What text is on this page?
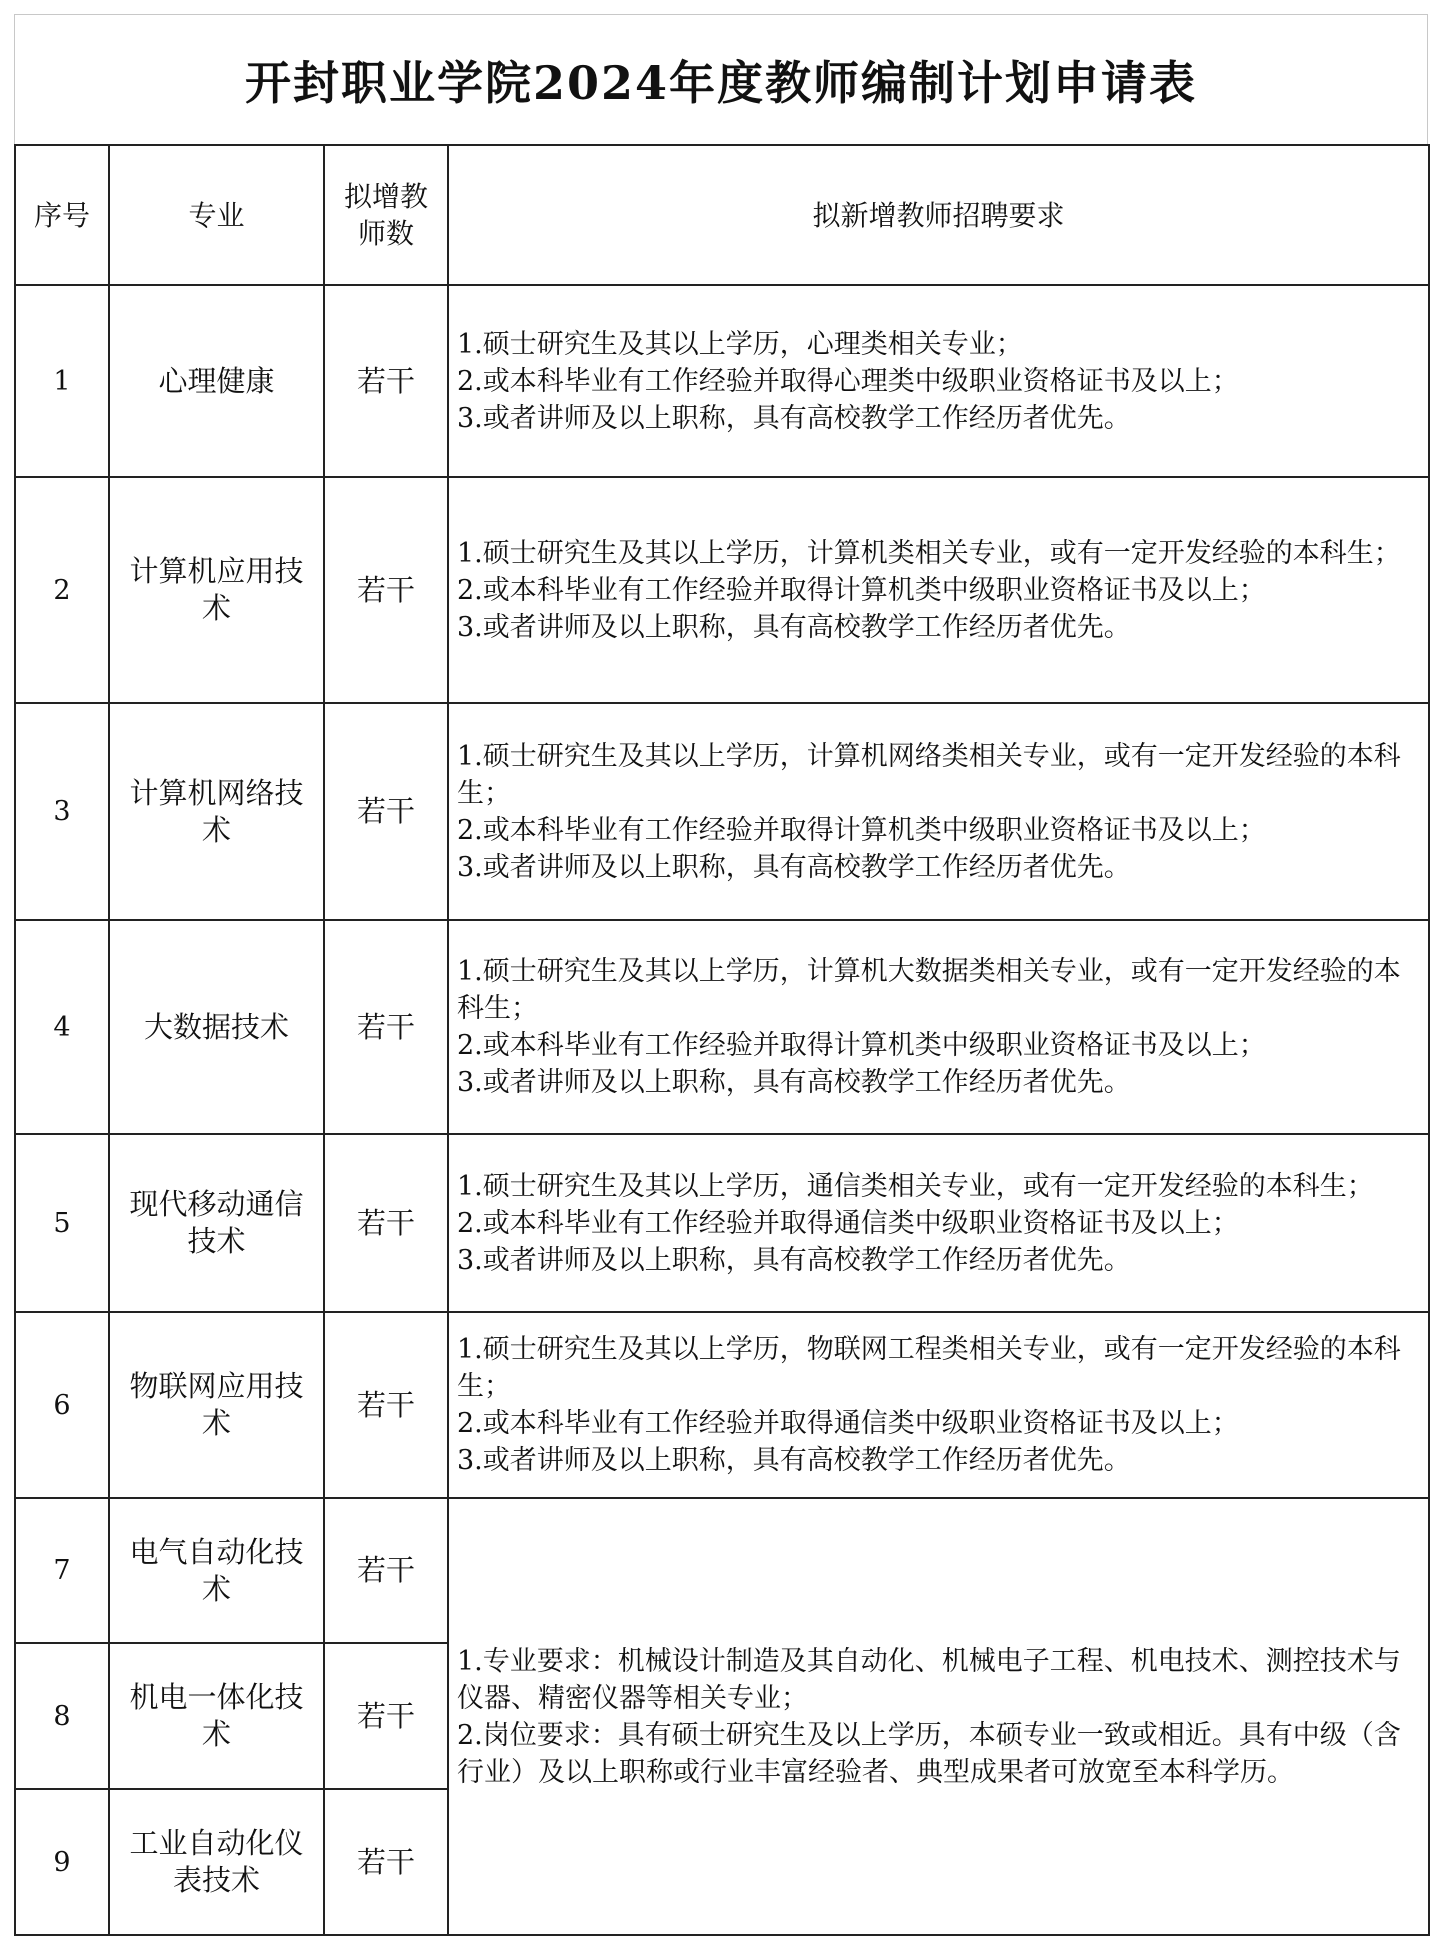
开封职业学院2024年度教师编制计划申请表
序号	专业	拟增教师数	拟新增教师招聘要求
1	心理健康	若干	1.硕士研究生及其以上学历，心理类相关专业；
2.或本科毕业有工作经验并取得心理类中级职业资格证书及以上；
3.或者讲师及以上职称，具有高校教学工作经历者优先。

2	计算机应用技术	若干	1.硕士研究生及其以上学历，计算机类相关专业，或有一定开发经验的本科生；
2.或本科毕业有工作经验并取得计算机类中级职业资格证书及以上；
3.或者讲师及以上职称，具有高校教学工作经历者优先。

3	计算机网络技术	若干	1.硕士研究生及其以上学历，计算机网络类相关专业，或有一定开发经验的本科生；
2.或本科毕业有工作经验并取得计算机类中级职业资格证书及以上；
3.或者讲师及以上职称，具有高校教学工作经历者优先。

4	大数据技术	若干	1.硕士研究生及其以上学历，计算机大数据类相关专业，或有一定开发经验的本科生；
2.或本科毕业有工作经验并取得计算机类中级职业资格证书及以上；
3.或者讲师及以上职称，具有高校教学工作经历者优先。

5	现代移动通信技术	若干	1.硕士研究生及其以上学历，通信类相关专业，或有一定开发经验的本科生；
2.或本科毕业有工作经验并取得通信类中级职业资格证书及以上；
3.或者讲师及以上职称，具有高校教学工作经历者优先。

6	物联网应用技术	若干	1.硕士研究生及其以上学历，物联网工程类相关专业，或有一定开发经验的本科生；
2.或本科毕业有工作经验并取得通信类中级职业资格证书及以上；
3.或者讲师及以上职称，具有高校教学工作经历者优先。

7	电气自动化技术	若干	1.专业要求：机械设计制造及其自动化、机械电子工程、机电技术、测控技术与仪器、精密仪器等相关专业；
2.岗位要求：具有硕士研究生及以上学历，本硕专业一致或相近。具有中级（含行业）及以上职称或行业丰富经验者、典型成果者可放宽至本科学历。

8	机电一体化技术	若干	
9	工业自动化仪表技术	若干	
